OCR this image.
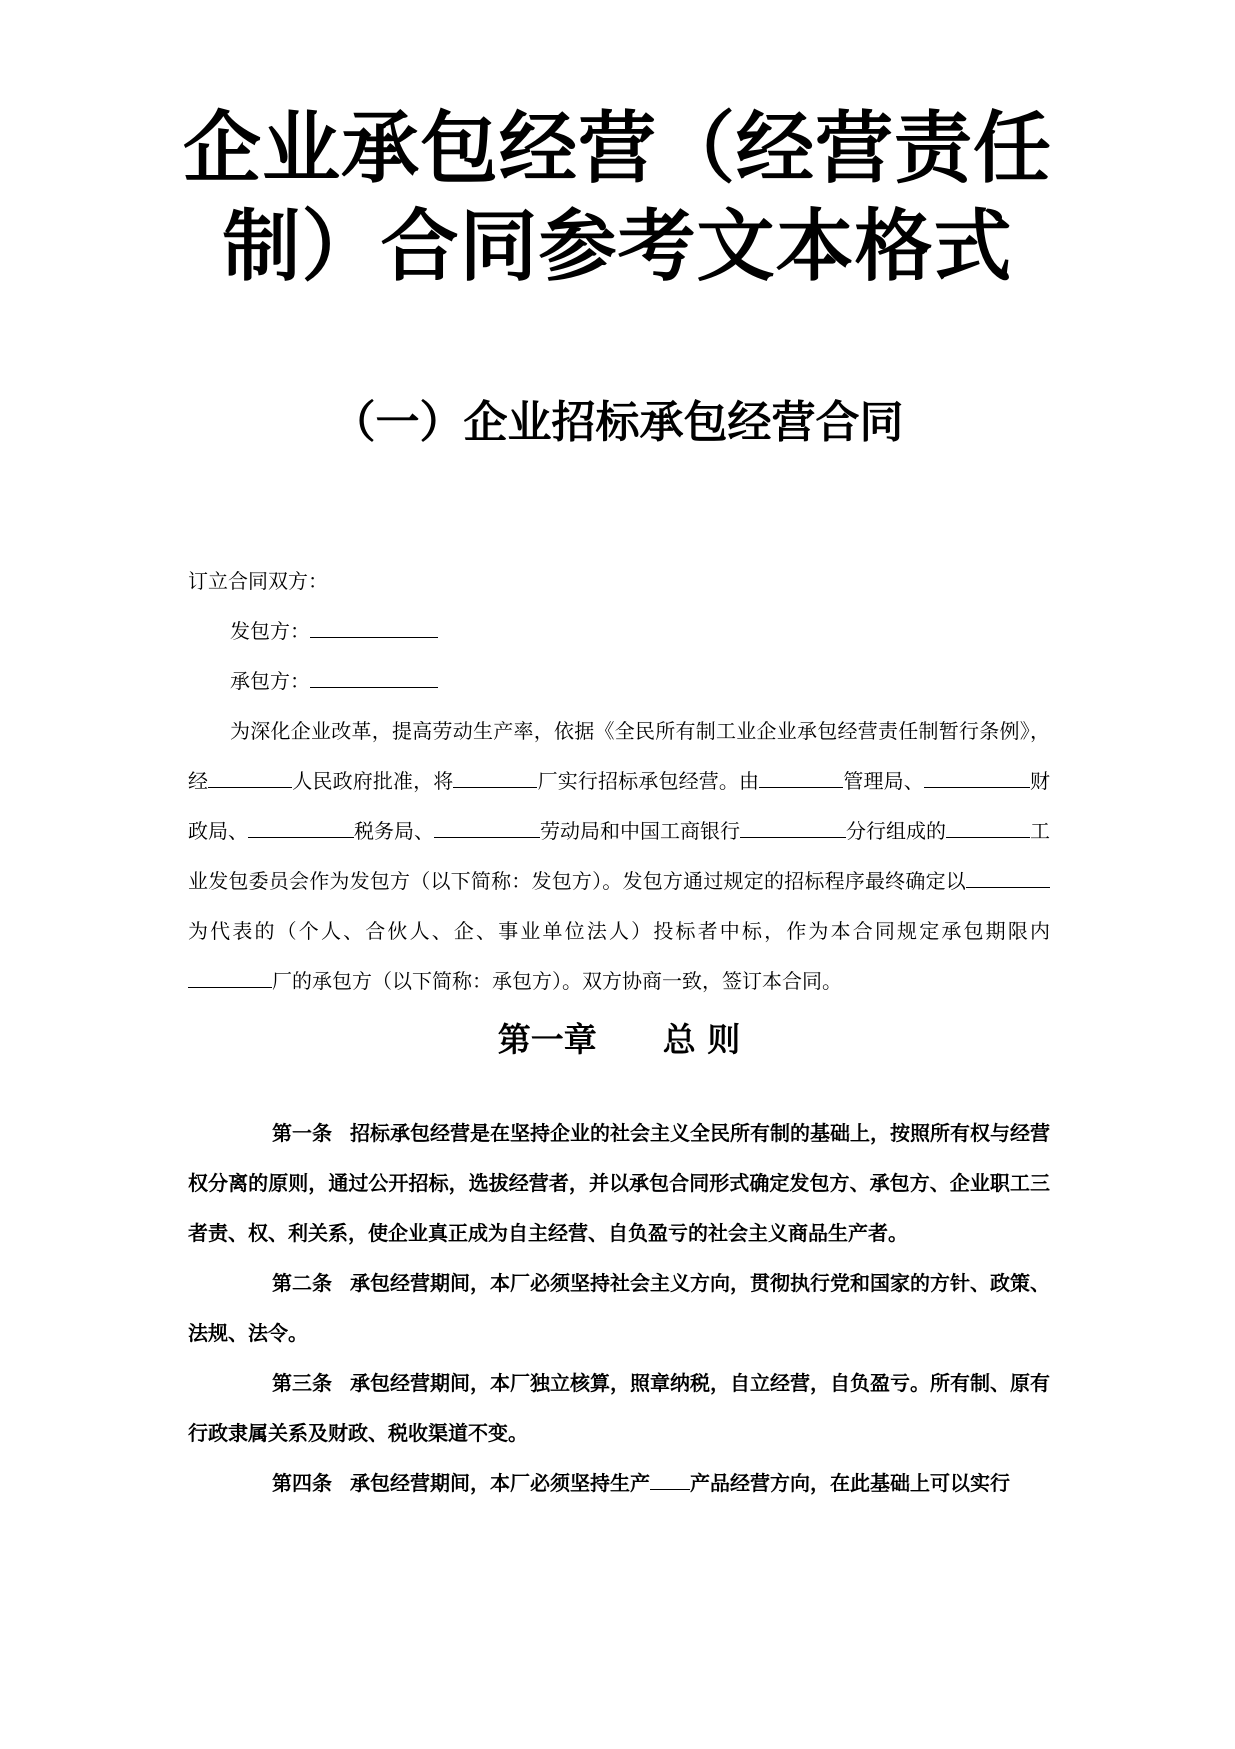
企业承包经营（经营责任
制）合同参考文本格式
（一）企业招标承包经营合同

订立合同双方：

发包方：

承包方：

为深化企业改革，提高劳动生产率，依据《全民所有制工业企业承包经营责任制暂行条例》，经	人民政府批准，将	厂实行招标承包经营。由	管理局、	财政局、	税务局、	劳动局和中国工商银行	分行组成的	工业发包委员会作为发包方（以下简称：发包方）。发包方通过规定的招标程序最终确定以为代表的（个人、合伙人、企、事业单位法人）投标者中标，作为本合同规定承包期限内厂的承包方（以下简称：承包方）。双方协商一致，签订本合同。

第一章 总 则

第一条 招标承包经营是在坚持企业的社会主义全民所有制的基础上，按照所有权与经营权分离的原则，通过公开招标，选拔经营者，并以承包合同形式确定发包方、承包方、企业职工三者责、权、利关系，使企业真正成为自主经营、自负盈亏的社会主义商品生产者。

第二条 承包经营期间，本厂必须坚持社会主义方向，贯彻执行党和国家的方针、政策、法规、法令。

第三条 承包经营期间，本厂独立核算，照章纳税，自立经营，自负盈亏。所有制、原有行政隶属关系及财政、税收渠道不变。

第四条 承包经营期间，本厂必须坚持生产 产品经营方向，在此基础上可以实行
